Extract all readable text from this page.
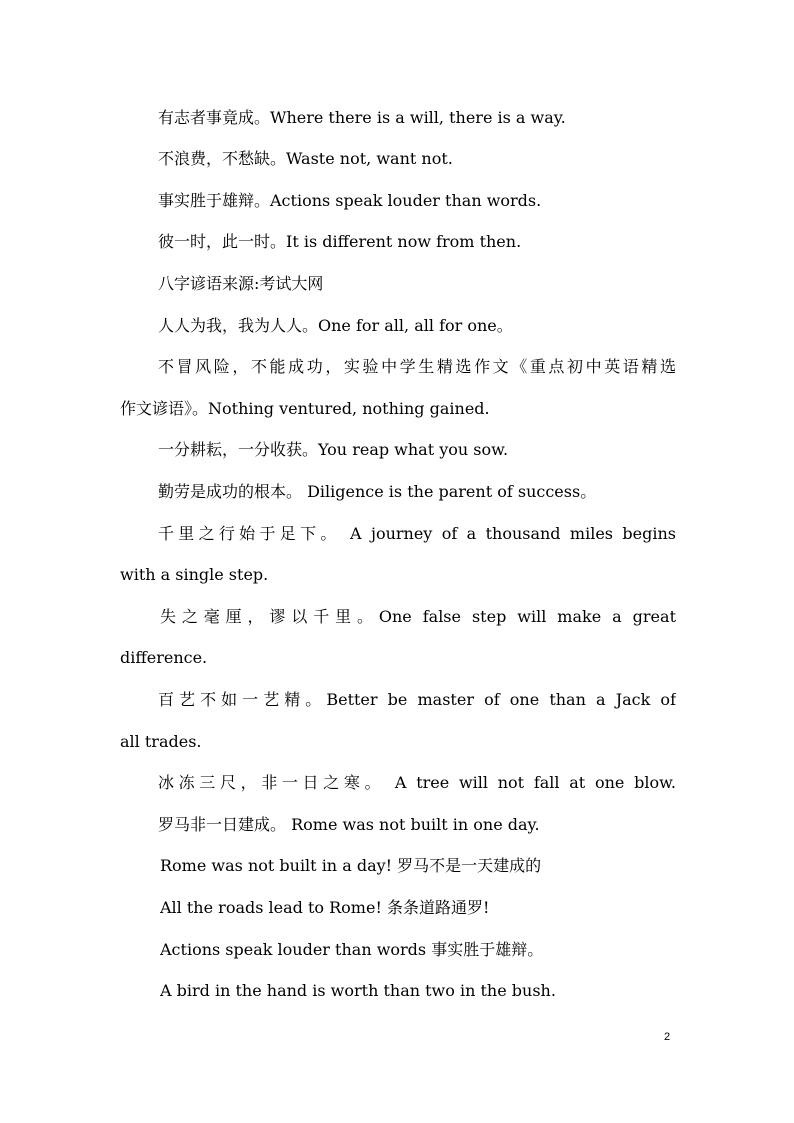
有志者事竟成。Where there is a will, there is a way.
不浪费，不愁缺。Waste not, want not.
事实胜于雄辩。Actions speak louder than words.
彼一时，此一时。It is different now from then.
八字谚语来源:考试大网
人人为我，我为人人。One for all, all for one。
不冒风险，不能成功，实验中学生精选作文《重点初中英语精选
作文谚语》。Nothing ventured, nothing gained.
一分耕耘，一分收获。You reap what you sow.
勤劳是成功的根本。 Diligence is the parent of success。
千里之行始于足下。 A journey of a thousand miles begins
with a single step.
失之毫厘，谬以千里。One false step will make a great
difference.
百艺不如一艺精。Better be master of one than a Jack of
all trades.
冰冻三尺，非一日之寒。 A tree will not fall at one blow.
罗马非一日建成。 Rome was not built in one day.
Rome was not built in a day! 罗马不是一天建成的
All the roads lead to Rome! 条条道路通罗!
Actions speak louder than words 事实胜于雄辩。
A bird in the hand is worth than two in the bush.
2
